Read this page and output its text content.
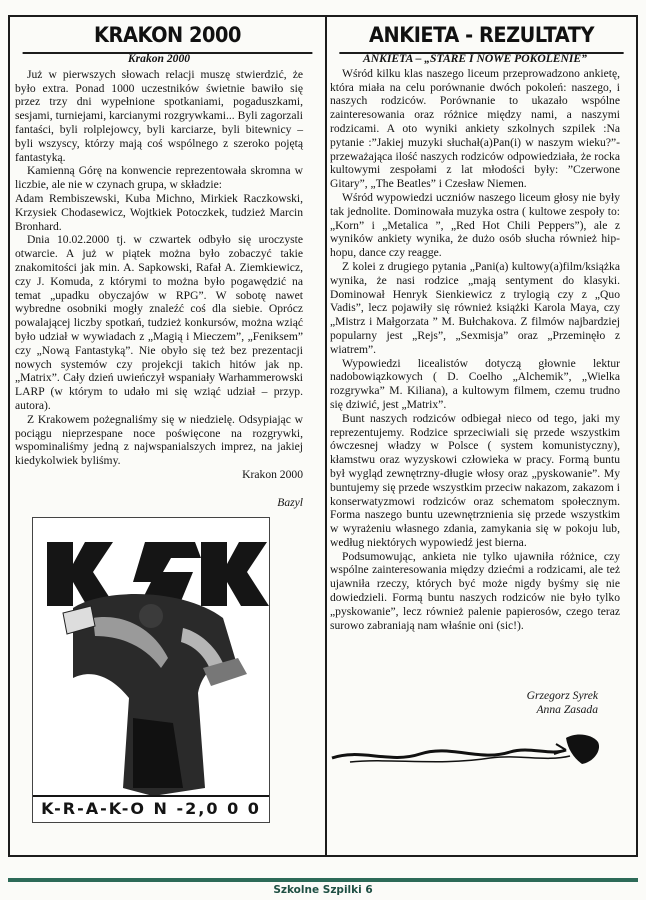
KRAKON 2000	ANKIETA - REZULTATY

Krakon 2000

Już w pierwszych słowach relacji muszę stwierdzić, że było extra. Ponad 1000 uczestników świetnie bawiło się przez trzy dni wypełnione spotkaniami, pogaduszkami, sesjami, turniejami, karcianymi rozgrywkami... Byli zagorzali fantaści, byli rolplejowcy, byli karciarze, byli bitewnicy – byli wszyscy, którzy mają coś wspólnego z szeroko pojętą fantastyką.

Kamienną Górę na konwencie reprezentowała skromna w liczbie, ale nie w czynach grupa, w składzie:

Adam Rembiszewski, Kuba Michno, Mirkiek Raczkowski, Krzysiek Chodasewicz, Wojtkiek Potoczkek, tudzież Marcin Bronhard.

Dnia 10.02.2000 tj. w czwartek odbyło się uroczyste otwarcie. A już w piątek można było zobaczyć takie znakomitości jak min. A. Sapkowski, Rafał A. Ziemkiewicz, czy J. Komuda, z którymi to można było pogawędzić na temat „upadku obyczajów w RPG”. W sobotę nawet wybredne osobniki mogły znaleźć coś dla siebie. Oprócz powalającej liczby spotkań, tudzież konkursów, można wziąć było udział w wywiadach z „Magią i Mieczem”, „Feniksem” czy „Nową Fantastyką”. Nie obyło się też bez prezentacji nowych systemów czy projekcji takich hitów jak np. „Matrix”. Cały dzień uwieńczył wspaniały Warhammerowski LARP (w którym to udało mi się wziąć udział – przyp. autora).

Z Krakowem pożegnaliśmy się w niedzielę. Odsypiając w pociągu nieprzespane noce poświęcone na rozgrywki, wspominaliśmy jedną z najwspanialszych imprez, na jakiej kiedykolwiek byliśmy.

Krakon 2000

Bazyl

K-R-A-K-O N -2,0 0 0

ANKIETA – „STARE I NOWE POKOLENIE”

Wśród kilku klas naszego liceum przeprowadzono ankietę, która miała na celu porównanie dwóch pokoleń: naszego, i naszych rodziców. Porównanie to ukazało wspólne zainteresowania oraz różnice między nami, a naszymi rodzicami. A oto wyniki ankiety szkolnych szpilek :Na pytanie :”Jakiej muzyki słuchał(a)Pan(i) w naszym wieku?”- przeważająca ilość naszych rodziców odpowiedziała, że rocka kultowymi zespołami z lat młodości były: ”Czerwone Gitary”, „The Beatles” i Czesław Niemen.

Wśród wypowiedzi uczniów naszego liceum głosy nie były tak jednolite. Dominowała muzyka ostra ( kultowe zespoły to: „Korn” i „Metalica ”, „Red Hot Chili Peppers”), ale z wyników ankiety wynika, że dużo osób słucha również hip-hopu, dance czy reagge.

Z kolei z drugiego pytania „Pani(a) kultowy(a)film/książka wynika, że nasi rodzice „mają sentyment do klasyki. Dominował Henryk Sienkiewicz z trylogią czy z „Quo Vadis”, lecz pojawiły się również książki Karola Maya, czy „Mistrz i Małgorzata ” M. Bułchakova. Z filmów najbardziej popularny jest „Rejs”, „Sexmisja” oraz „Przeminęło z wiatrem”.

Wypowiedzi licealistów dotyczą głownie lektur nadobowiązkowych ( D. Coelho „Alchemik”, „Wielka rozgrywka” M. Kiliana), a kultowym filmem, czemu trudno się dziwić, jest „Matrix”.

Bunt naszych rodziców odbiegał nieco od tego, jaki my reprezentujemy. Rodzice sprzeciwiali się przede wszystkim ówczesnej władzy w Polsce ( system komunistyczny), kłamstwu oraz wyzyskowi człowieka w pracy. Formą buntu był wygląd zewnętrzny-długie włosy oraz „pyskowanie”. My buntujemy się przede wszystkim przeciw nakazom, zakazom i konserwatyzmowi rodziców oraz schematom społecznym. Forma naszego buntu uzewnętrznienia się przede wszystkim w wyrażeniu własnego zdania, zamykania się w pokoju lub, według niektórych wypowiedź jest bierna.

Podsumowując, ankieta nie tylko ujawniła różnice, czy wspólne zainteresowania między dziećmi a rodzicami, ale też ujawniła rzeczy, których być może nigdy byśmy się nie dowiedzieli. Formą buntu naszych rodziców nie było tylko „pyskowanie”, lecz również palenie papierosów, czego teraz surowo zabraniają nam właśnie oni (sic!).

Grzegorz Syrek
Anna Zasada
Szkolne Szpilki 6
